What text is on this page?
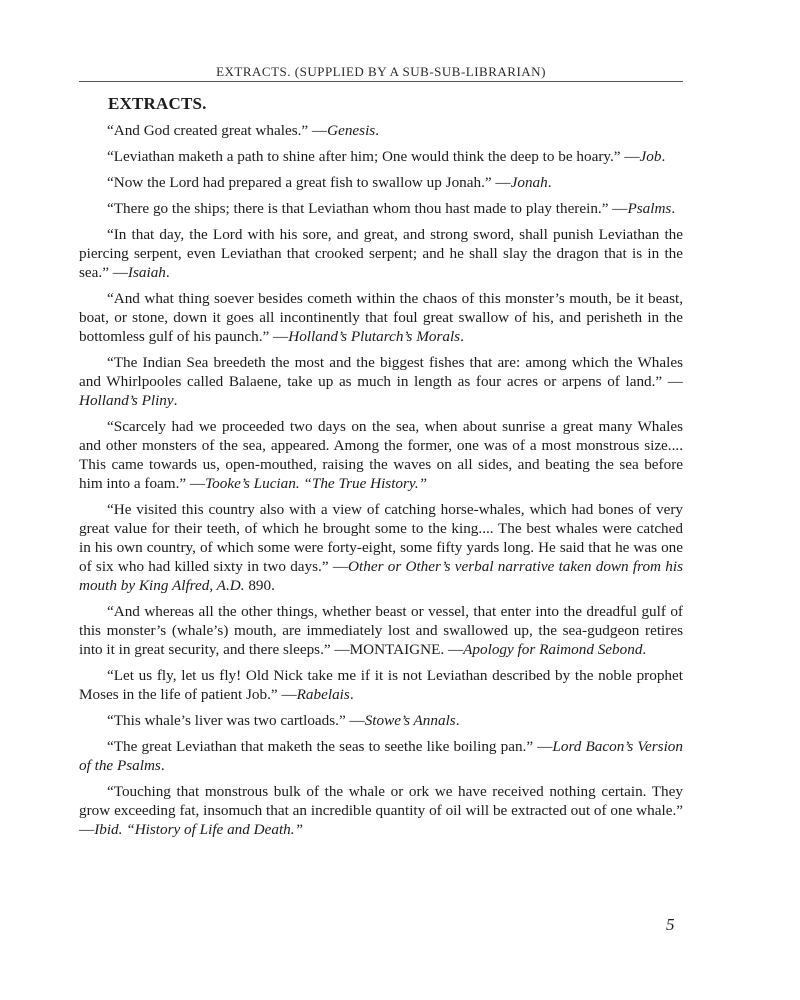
EXTRACTS. (SUPPLIED BY A SUB-SUB-LIBRARIAN)
EXTRACTS.

“And God created great whales.” —Genesis.

“Leviathan maketh a path to shine after him; One would think the deep to be hoary.” —Job.

“Now the Lord had prepared a great fish to swallow up Jonah.” —Jonah.

“There go the ships; there is that Leviathan whom thou hast made to play therein.” —Psalms.

“In that day, the Lord with his sore, and great, and strong sword, shall punish Leviathan the piercing serpent, even Leviathan that crooked serpent; and he shall slay the dragon that is in the sea.” —Isaiah.

“And what thing soever besides cometh within the chaos of this monster’s mouth, be it beast, boat, or stone, down it goes all incontinently that foul great swallow of his, and perisheth in the bottomless gulf of his paunch.” —Holland’s Plutarch’s Morals.

“The Indian Sea breedeth the most and the biggest fishes that are: among which the Whales and Whirlpooles called Balaene, take up as much in length as four acres or arpens of land.” —Holland’s Pliny.

“Scarcely had we proceeded two days on the sea, when about sunrise a great many Whales and other monsters of the sea, appeared. Among the former, one was of a most monstrous size.... This came towards us, open-mouthed, raising the waves on all sides, and beating the sea before him into a foam.” —Tooke’s Lucian. “The True History.”

“He visited this country also with a view of catching horse-whales, which had bones of very great value for their teeth, of which he brought some to the king.... The best whales were catched in his own country, of which some were forty-eight, some fifty yards long. He said that he was one of six who had killed sixty in two days.” —Other or Other’s verbal narrative taken down from his mouth by King Alfred, A.D. 890.

“And whereas all the other things, whether beast or vessel, that enter into the dreadful gulf of this monster’s (whale’s) mouth, are immediately lost and swallowed up, the sea-gudgeon retires into it in great security, and there sleeps.” —MONTAIGNE. —Apology for Raimond Sebond.

“Let us fly, let us fly! Old Nick take me if it is not Leviathan described by the noble prophet Moses in the life of patient Job.” —Rabelais.

“This whale’s liver was two cartloads.” —Stowe’s Annals.

“The great Leviathan that maketh the seas to seethe like boiling pan.” —Lord Bacon’s Version of the Psalms.

“Touching that monstrous bulk of the whale or ork we have received nothing certain. They grow exceeding fat, insomuch that an incredible quantity of oil will be extracted out of one whale.” —Ibid. “History of Life and Death.”

5
